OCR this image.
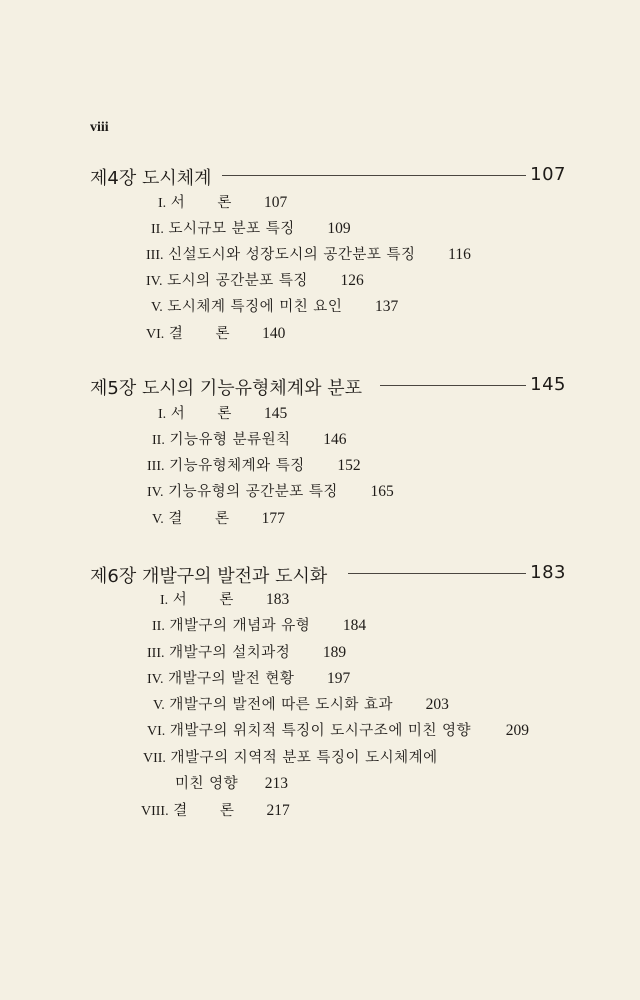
viii
제4장 도시체계	107
I. 서 론 107
II. 도시규모 분포 특징 109
III. 신설도시와 성장도시의 공간분포 특징 116
IV. 도시의 공간분포 특징 126
V. 도시체계 특징에 미친 요인 137
VI. 결 론 140
제5장 도시의 기능유형체계와 분포	145
I. 서 론 145
II. 기능유형 분류원칙 146
III. 기능유형체계와 특징 152
IV. 기능유형의 공간분포 특징 165
V. 결 론 177
제6장 개발구의 발전과 도시화	183
I. 서 론 183
II. 개발구의 개념과 유형 184
III. 개발구의 설치과정 189
IV. 개발구의 발전 현황 197
V. 개발구의 발전에 따른 도시화 효과 203
VI. 개발구의 위치적 특징이 도시구조에 미친 영향 209
VII. 개발구의 지역적 분포 특징이 도시체계에
미친 영향 213
VIII. 결 론 217
